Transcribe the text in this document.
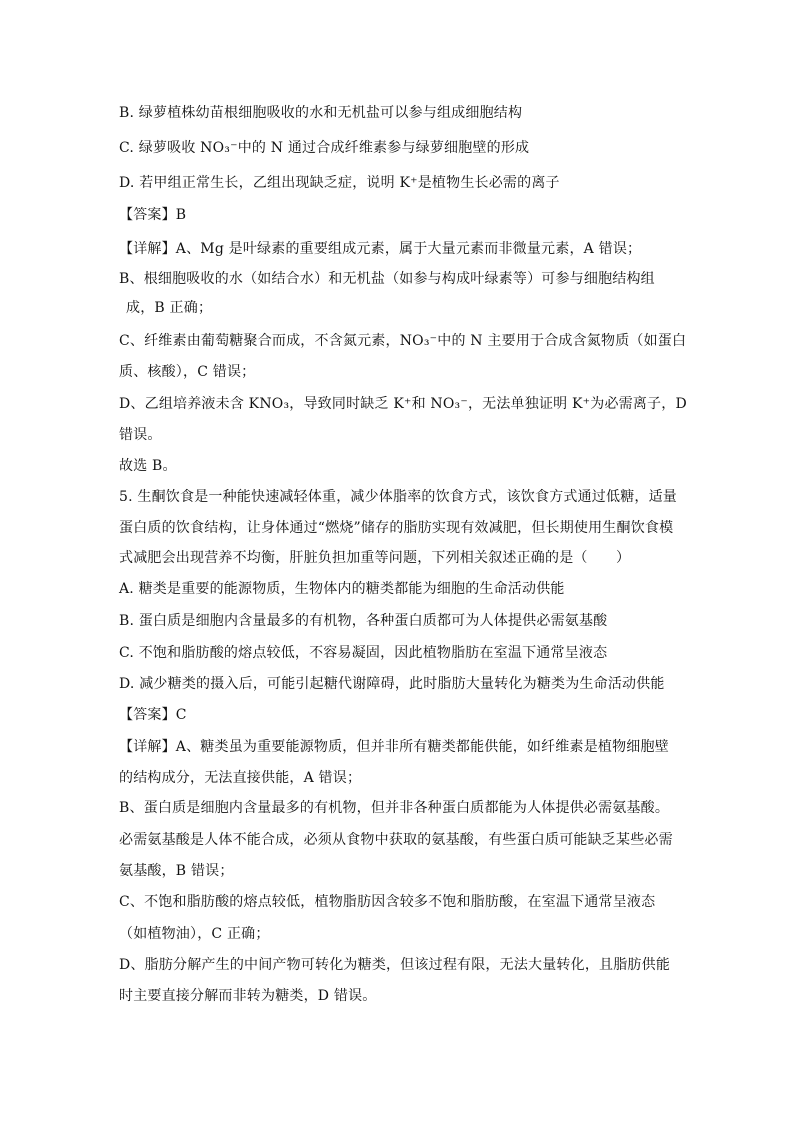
B. 绿萝植株幼苗根细胞吸收的水和无机盐可以参与组成细胞结构

C. 绿萝吸收 NO₃⁻中的 N 通过合成纤维素参与绿萝细胞壁的形成

D. 若甲组正常生长，乙组出现缺乏症，说明 K⁺是植物生长必需的离子

【答案】B

【详解】A、Mg 是叶绿素的重要组成元素，属于大量元素而非微量元素，A 错误；

B、根细胞吸收的水（如结合水）和无机盐（如参与构成叶绿素等）可参与细胞结构组

成，B 正确；

C、纤维素由葡萄糖聚合而成，不含氮元素，NO₃⁻中的 N 主要用于合成含氮物质（如蛋白

质、核酸），C 错误；

D、乙组培养液未含 KNO₃，导致同时缺乏 K⁺和 NO₃⁻，无法单独证明 K⁺为必需离子，D

错误。

故选 B。

5. 生酮饮食是一种能快速减轻体重，减少体脂率的饮食方式，该饮食方式通过低糖，适量

蛋白质的饮食结构，让身体通过“燃烧”储存的脂肪实现有效减肥，但长期使用生酮饮食模

式减肥会出现营养不均衡，肝脏负担加重等问题，下列相关叙述正确的是（　　）

A. 糖类是重要的能源物质，生物体内的糖类都能为细胞的生命活动供能

B. 蛋白质是细胞内含量最多的有机物，各种蛋白质都可为人体提供必需氨基酸

C. 不饱和脂肪酸的熔点较低，不容易凝固，因此植物脂肪在室温下通常呈液态

D. 减少糖类的摄入后，可能引起糖代谢障碍，此时脂肪大量转化为糖类为生命活动供能

【答案】C

【详解】A、糖类虽为重要能源物质，但并非所有糖类都能供能，如纤维素是植物细胞壁

的结构成分，无法直接供能，A 错误；

B、蛋白质是细胞内含量最多的有机物，但并非各种蛋白质都能为人体提供必需氨基酸。

必需氨基酸是人体不能合成，必须从食物中获取的氨基酸，有些蛋白质可能缺乏某些必需

氨基酸，B 错误；

C、不饱和脂肪酸的熔点较低，植物脂肪因含较多不饱和脂肪酸，在室温下通常呈液态

（如植物油），C 正确；

D、脂肪分解产生的中间产物可转化为糖类，但该过程有限，无法大量转化，且脂肪供能

时主要直接分解而非转为糖类，D 错误。
